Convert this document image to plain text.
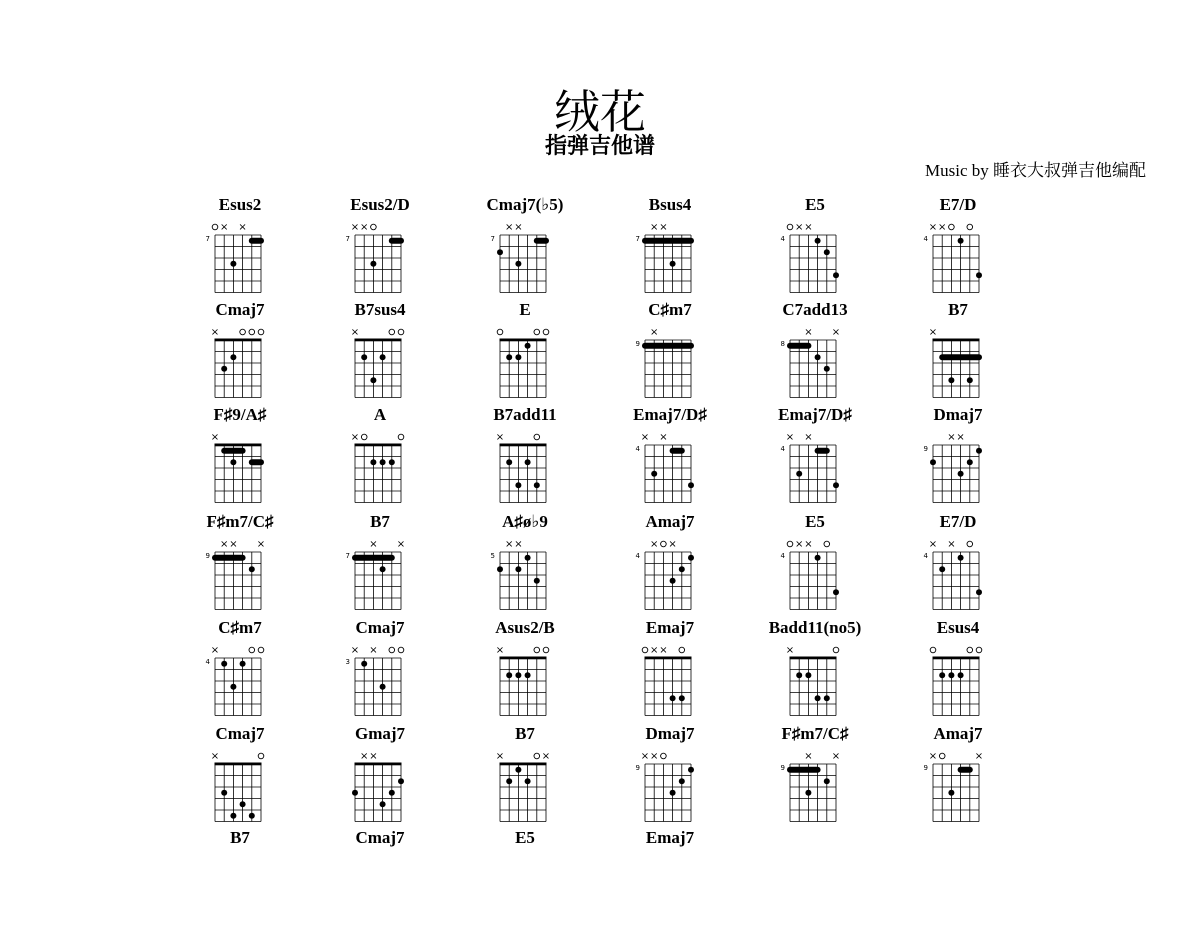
绒花
指弹吉他谱
Music by 睡衣大叔弹吉他编配
Esus2
× ×
7
Esus2/D
× ×
7
Cmaj7(♭5)
× ×
7
Bsus4
× ×
7
E5
× ×
4
E7/D
× ×
4
Cmaj7
×
B7sus4
×
E	C♯m7
×
9
C7add13
× ×
8
B7
×
F♯9/A♯
×
A
×
B7add11
×
Emaj7/D♯
× ×
4
Emaj7/D♯
× ×
4
Dmaj7
× ×
9
F♯m7/C♯
× × ×
9
B7
× ×
7
A♯ø♭9
× ×
5
Amaj7
× ×
4
E5
× ×
4
E7/D
× ×
4
C♯m7
×
4
Cmaj7
× ×
3
Asus2/B
×
Emaj7
× ×
Badd11(no5)
×
Esus4
Cmaj7
×
Gmaj7
× ×
B7
×	×
Dmaj7
× ×
9
F♯m7/C♯
× ×
9
Amaj7
×	×
9
B7	Cmaj7	E5	Emaj7
